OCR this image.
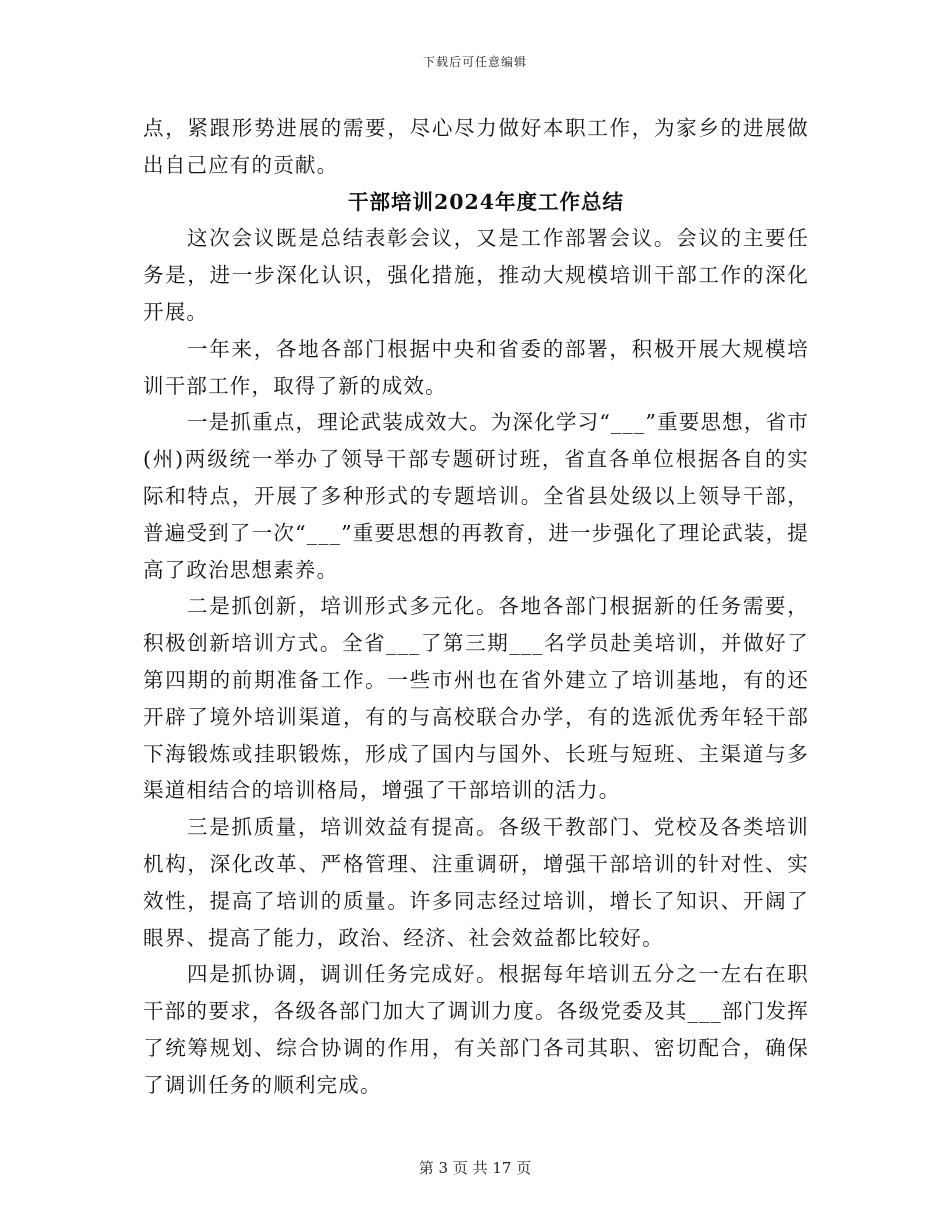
下载后可任意编辑

点，紧跟形势进展的需要，尽心尽力做好本职工作，为家乡的进展做出自己应有的贡献。

干部培训2024年度工作总结

这次会议既是总结表彰会议，又是工作部署会议。会议的主要任务是，进一步深化认识，强化措施，推动大规模培训干部工作的深化开展。

一年来，各地各部门根据中央和省委的部署，积极开展大规模培训干部工作，取得了新的成效。

一是抓重点，理论武装成效大。为深化学习“___”重要思想，省市(州)两级统一举办了领导干部专题研讨班，省直各单位根据各自的实际和特点，开展了多种形式的专题培训。全省县处级以上领导干部，普遍受到了一次“___”重要思想的再教育，进一步强化了理论武装，提高了政治思想素养。

二是抓创新，培训形式多元化。各地各部门根据新的任务需要，积极创新培训方式。全省___了第三期___名学员赴美培训，并做好了第四期的前期准备工作。一些市州也在省外建立了培训基地，有的还开辟了境外培训渠道，有的与高校联合办学，有的选派优秀年轻干部下海锻炼或挂职锻炼，形成了国内与国外、长班与短班、主渠道与多渠道相结合的培训格局，增强了干部培训的活力。

三是抓质量，培训效益有提高。各级干教部门、党校及各类培训机构，深化改革、严格管理、注重调研，增强干部培训的针对性、实效性，提高了培训的质量。许多同志经过培训，增长了知识、开阔了眼界、提高了能力，政治、经济、社会效益都比较好。

四是抓协调，调训任务完成好。根据每年培训五分之一左右在职干部的要求，各级各部门加大了调训力度。各级党委及其___部门发挥了统筹规划、综合协调的作用，有关部门各司其职、密切配合，确保了调训任务的顺利完成。

第 3 页 共 17 页
